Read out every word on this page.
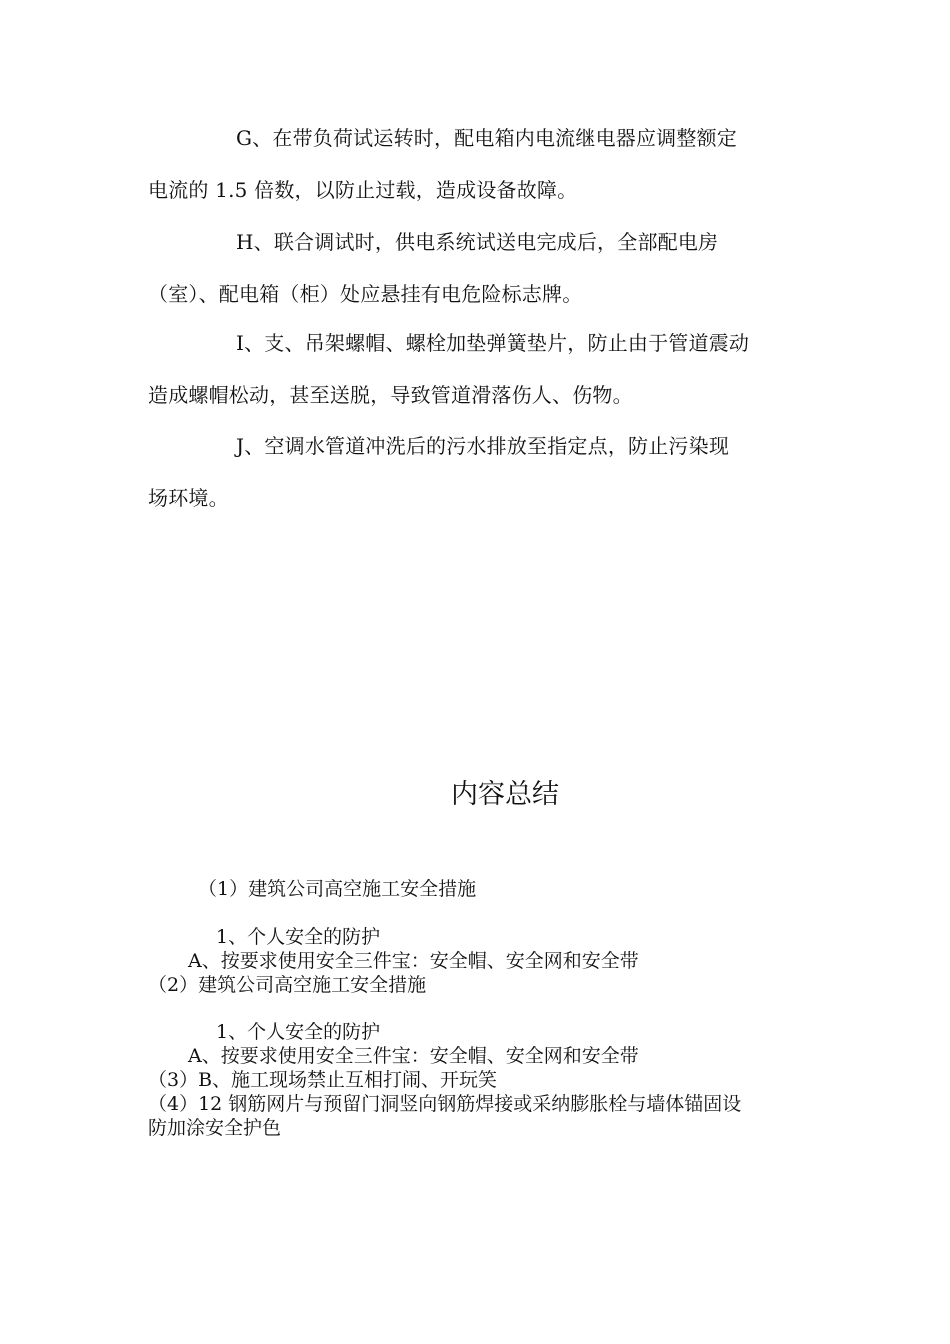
G、在带负荷试运转时，配电箱内电流继电器应调整额定
电流的 1.5 倍数，以防止过载，造成设备故障。
H、联合调试时，供电系统试送电完成后，全部配电房
（室）、配电箱（柜）处应悬挂有电危险标志牌。
I、支、吊架螺帽、螺栓加垫弹簧垫片，防止由于管道震动
造成螺帽松动，甚至送脱，导致管道滑落伤人、伤物。
J、空调水管道冲洗后的污水排放至指定点，防止污染现
场环境。
内容总结
（1）建筑公司高空施工安全措施
1、个人安全的防护
A、按要求使用安全三件宝：安全帽、安全网和安全带
（2）建筑公司高空施工安全措施
1、个人安全的防护
A、按要求使用安全三件宝：安全帽、安全网和安全带
（3）B、施工现场禁止互相打闹、开玩笑
（4）12 钢筋网片与预留门洞竖向钢筋焊接或采纳膨胀栓与墙体锚固设
防加涂安全护色
